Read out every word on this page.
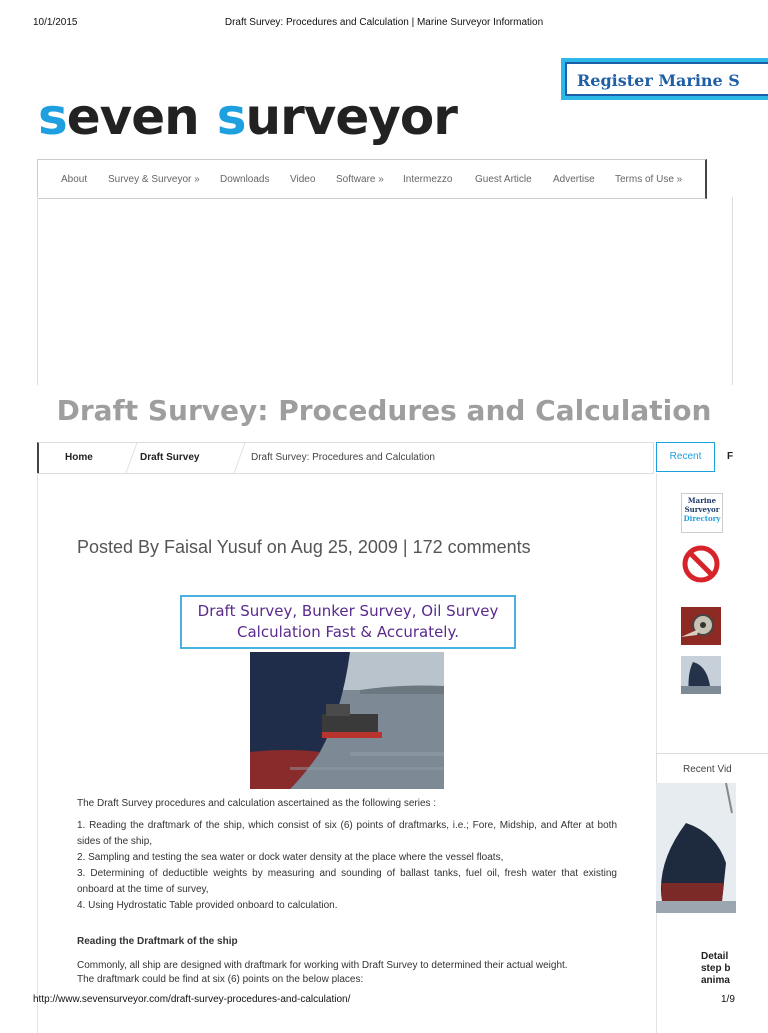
10/1/2015	Draft Survey: Procedures and Calculation | Marine Surveyor Information
Register Marine S
seven surveyor
About Survey & Surveyor » Downloads Video Software » Intermezzo Guest Article Advertise Terms of Use »
Draft Survey: Procedures and Calculation
Home	Draft Survey	Draft Survey: Procedures and Calculation	Recent	F
Posted By Faisal Yusuf on Aug 25, 2009 | 172 comments
Draft Survey, Bunker Survey, Oil Survey
Calculation Fast & Accurately.
The Draft Survey procedures and calculation ascertained as the following series :
1. Reading the draftmark of the ship, which consist of six (6) points of draftmarks, i.e.; Fore, Midship, and After at both sides of the ship,
2. Sampling and testing the sea water or dock water density at the place where the vessel floats,
3. Determining of deductible weights by measuring and sounding of ballast tanks, fuel oil, fresh water that existing onboard at the time of survey,
4. Using Hydrostatic Table provided onboard to calculation.
Reading the Draftmark of the ship
Commonly, all ship are designed with draftmark for working with Draft Survey to determined their actual weight.
The draftmark could be find at six (6) points on the below places:
Marine
Surveyor
Directory
Recent Vid
Detail
step b
anima
http://www.sevensurveyor.com/draft-survey-procedures-and-calculation/	1/9
